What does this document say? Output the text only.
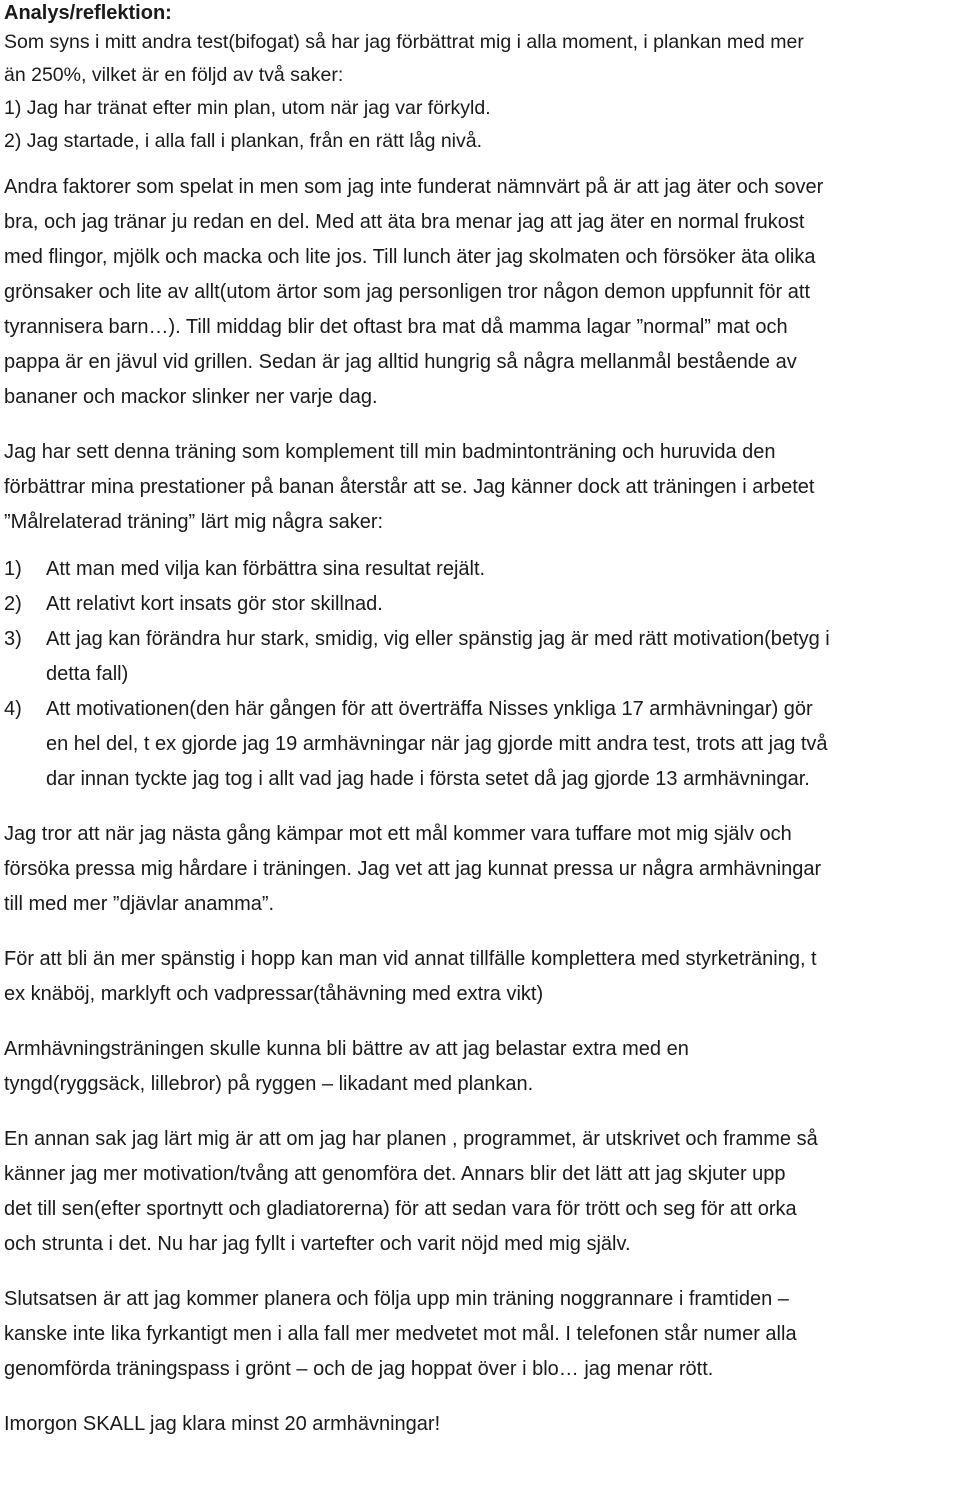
Analys/reflektion:
Som syns i mitt andra test(bifogat) så har jag förbättrat mig i alla moment, i plankan med mer
än 250%, vilket är en följd av två saker:
1) Jag har tränat efter min plan, utom när jag var förkyld.
2) Jag startade, i alla fall i plankan, från en rätt låg nivå.
Andra faktorer som spelat in men som jag inte funderat nämnvärt på är att jag äter och sover
bra, och jag tränar ju redan en del. Med att äta bra menar jag att jag äter en normal frukost
med flingor, mjölk och macka och lite jos. Till lunch äter jag skolmaten och försöker äta olika
grönsaker och lite av allt(utom ärtor som jag personligen tror någon demon uppfunnit för att
tyrannisera barn…). Till middag blir det oftast bra mat då mamma lagar ”normal” mat och
pappa är en jävul vid grillen. Sedan är jag alltid hungrig så några mellanmål bestående av
bananer och mackor slinker ner varje dag.
Jag har sett denna träning som komplement till min badmintonträning och huruvida den
förbättrar mina prestationer på banan återstår att se. Jag känner dock att träningen i arbetet
”Målrelaterad träning” lärt mig några saker:
1) Att man med vilja kan förbättra sina resultat rejält.
2) Att relativt kort insats gör stor skillnad.
3) Att jag kan förändra hur stark, smidig, vig eller spänstig jag är med rätt motivation(betyg i
detta fall)
4) Att motivationen(den här gången för att överträffa Nisses ynkliga 17 armhävningar) gör
en hel del, t ex gjorde jag 19 armhävningar när jag gjorde mitt andra test, trots att jag två
dar innan tyckte jag tog i allt vad jag hade i första setet då jag gjorde 13 armhävningar.
Jag tror att när jag nästa gång kämpar mot ett mål kommer vara tuffare mot mig själv och
försöka pressa mig hårdare i träningen. Jag vet att jag kunnat pressa ur några armhävningar
till med mer ”djävlar anamma”.
För att bli än mer spänstig i hopp kan man vid annat tillfälle komplettera med styrketräning, t
ex knäböj, marklyft och vadpressar(tåhävning med extra vikt)
Armhävningsträningen skulle kunna bli bättre av att jag belastar extra med en
tyngd(ryggsäck, lillebror) på ryggen – likadant med plankan.
En annan sak jag lärt mig är att om jag har planen , programmet, är utskrivet och framme så
känner jag mer motivation/tvång att genomföra det. Annars blir det lätt att jag skjuter upp
det till sen(efter sportnytt och gladiatorerna) för att sedan vara för trött och seg för att orka
och strunta i det. Nu har jag fyllt i vartefter och varit nöjd med mig själv.
Slutsatsen är att jag kommer planera och följa upp min träning noggrannare i framtiden –
kanske inte lika fyrkantigt men i alla fall mer medvetet mot mål. I telefonen står numer alla
genomförda träningspass i grönt – och de jag hoppat över i blo… jag menar rött.
Imorgon SKALL jag klara minst 20 armhävningar!
